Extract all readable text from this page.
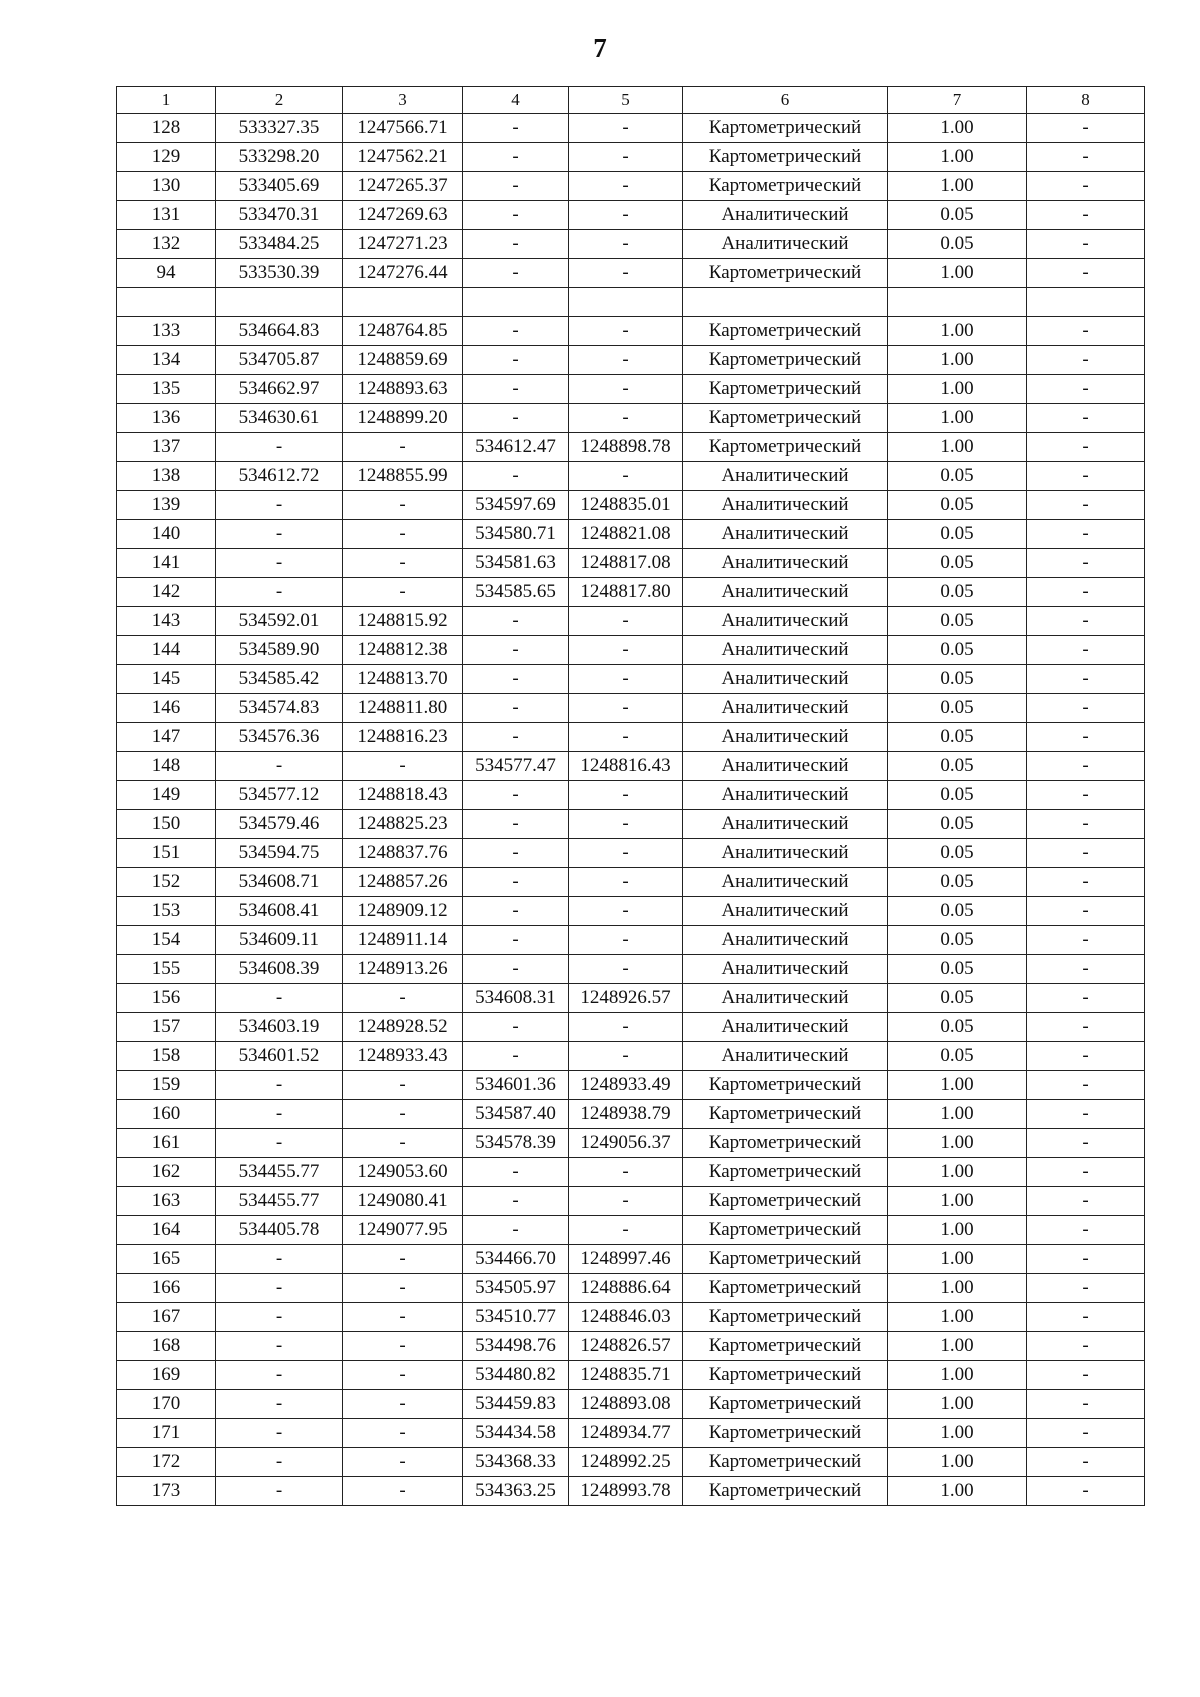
7
1	2	3	4	5	6	7	8
128	533327.35	1247566.71	-	-	Картометрический	1.00	-
129	533298.20	1247562.21	-	-	Картометрический	1.00	-
130	533405.69	1247265.37	-	-	Картометрический	1.00	-
131	533470.31	1247269.63	-	-	Аналитический	0.05	-
132	533484.25	1247271.23	-	-	Аналитический	0.05	-
94	533530.39	1247276.44	-	-	Картометрический	1.00	-

133	534664.83	1248764.85	-	-	Картометрический	1.00	-
134	534705.87	1248859.69	-	-	Картометрический	1.00	-
135	534662.97	1248893.63	-	-	Картометрический	1.00	-
136	534630.61	1248899.20	-	-	Картометрический	1.00	-
137	-	-	534612.47	1248898.78	Картометрический	1.00	-
138	534612.72	1248855.99	-	-	Аналитический	0.05	-
139	-	-	534597.69	1248835.01	Аналитический	0.05	-
140	-	-	534580.71	1248821.08	Аналитический	0.05	-
141	-	-	534581.63	1248817.08	Аналитический	0.05	-
142	-	-	534585.65	1248817.80	Аналитический	0.05	-
143	534592.01	1248815.92	-	-	Аналитический	0.05	-
144	534589.90	1248812.38	-	-	Аналитический	0.05	-
145	534585.42	1248813.70	-	-	Аналитический	0.05	-
146	534574.83	1248811.80	-	-	Аналитический	0.05	-
147	534576.36	1248816.23	-	-	Аналитический	0.05	-
148	-	-	534577.47	1248816.43	Аналитический	0.05	-
149	534577.12	1248818.43	-	-	Аналитический	0.05	-
150	534579.46	1248825.23	-	-	Аналитический	0.05	-
151	534594.75	1248837.76	-	-	Аналитический	0.05	-
152	534608.71	1248857.26	-	-	Аналитический	0.05	-
153	534608.41	1248909.12	-	-	Аналитический	0.05	-
154	534609.11	1248911.14	-	-	Аналитический	0.05	-
155	534608.39	1248913.26	-	-	Аналитический	0.05	-
156	-	-	534608.31	1248926.57	Аналитический	0.05	-
157	534603.19	1248928.52	-	-	Аналитический	0.05	-
158	534601.52	1248933.43	-	-	Аналитический	0.05	-
159	-	-	534601.36	1248933.49	Картометрический	1.00	-
160	-	-	534587.40	1248938.79	Картометрический	1.00	-
161	-	-	534578.39	1249056.37	Картометрический	1.00	-
162	534455.77	1249053.60	-	-	Картометрический	1.00	-
163	534455.77	1249080.41	-	-	Картометрический	1.00	-
164	534405.78	1249077.95	-	-	Картометрический	1.00	-
165	-	-	534466.70	1248997.46	Картометрический	1.00	-
166	-	-	534505.97	1248886.64	Картометрический	1.00	-
167	-	-	534510.77	1248846.03	Картометрический	1.00	-
168	-	-	534498.76	1248826.57	Картометрический	1.00	-
169	-	-	534480.82	1248835.71	Картометрический	1.00	-
170	-	-	534459.83	1248893.08	Картометрический	1.00	-
171	-	-	534434.58	1248934.77	Картометрический	1.00	-
172	-	-	534368.33	1248992.25	Картометрический	1.00	-
173	-	-	534363.25	1248993.78	Картометрический	1.00	-
